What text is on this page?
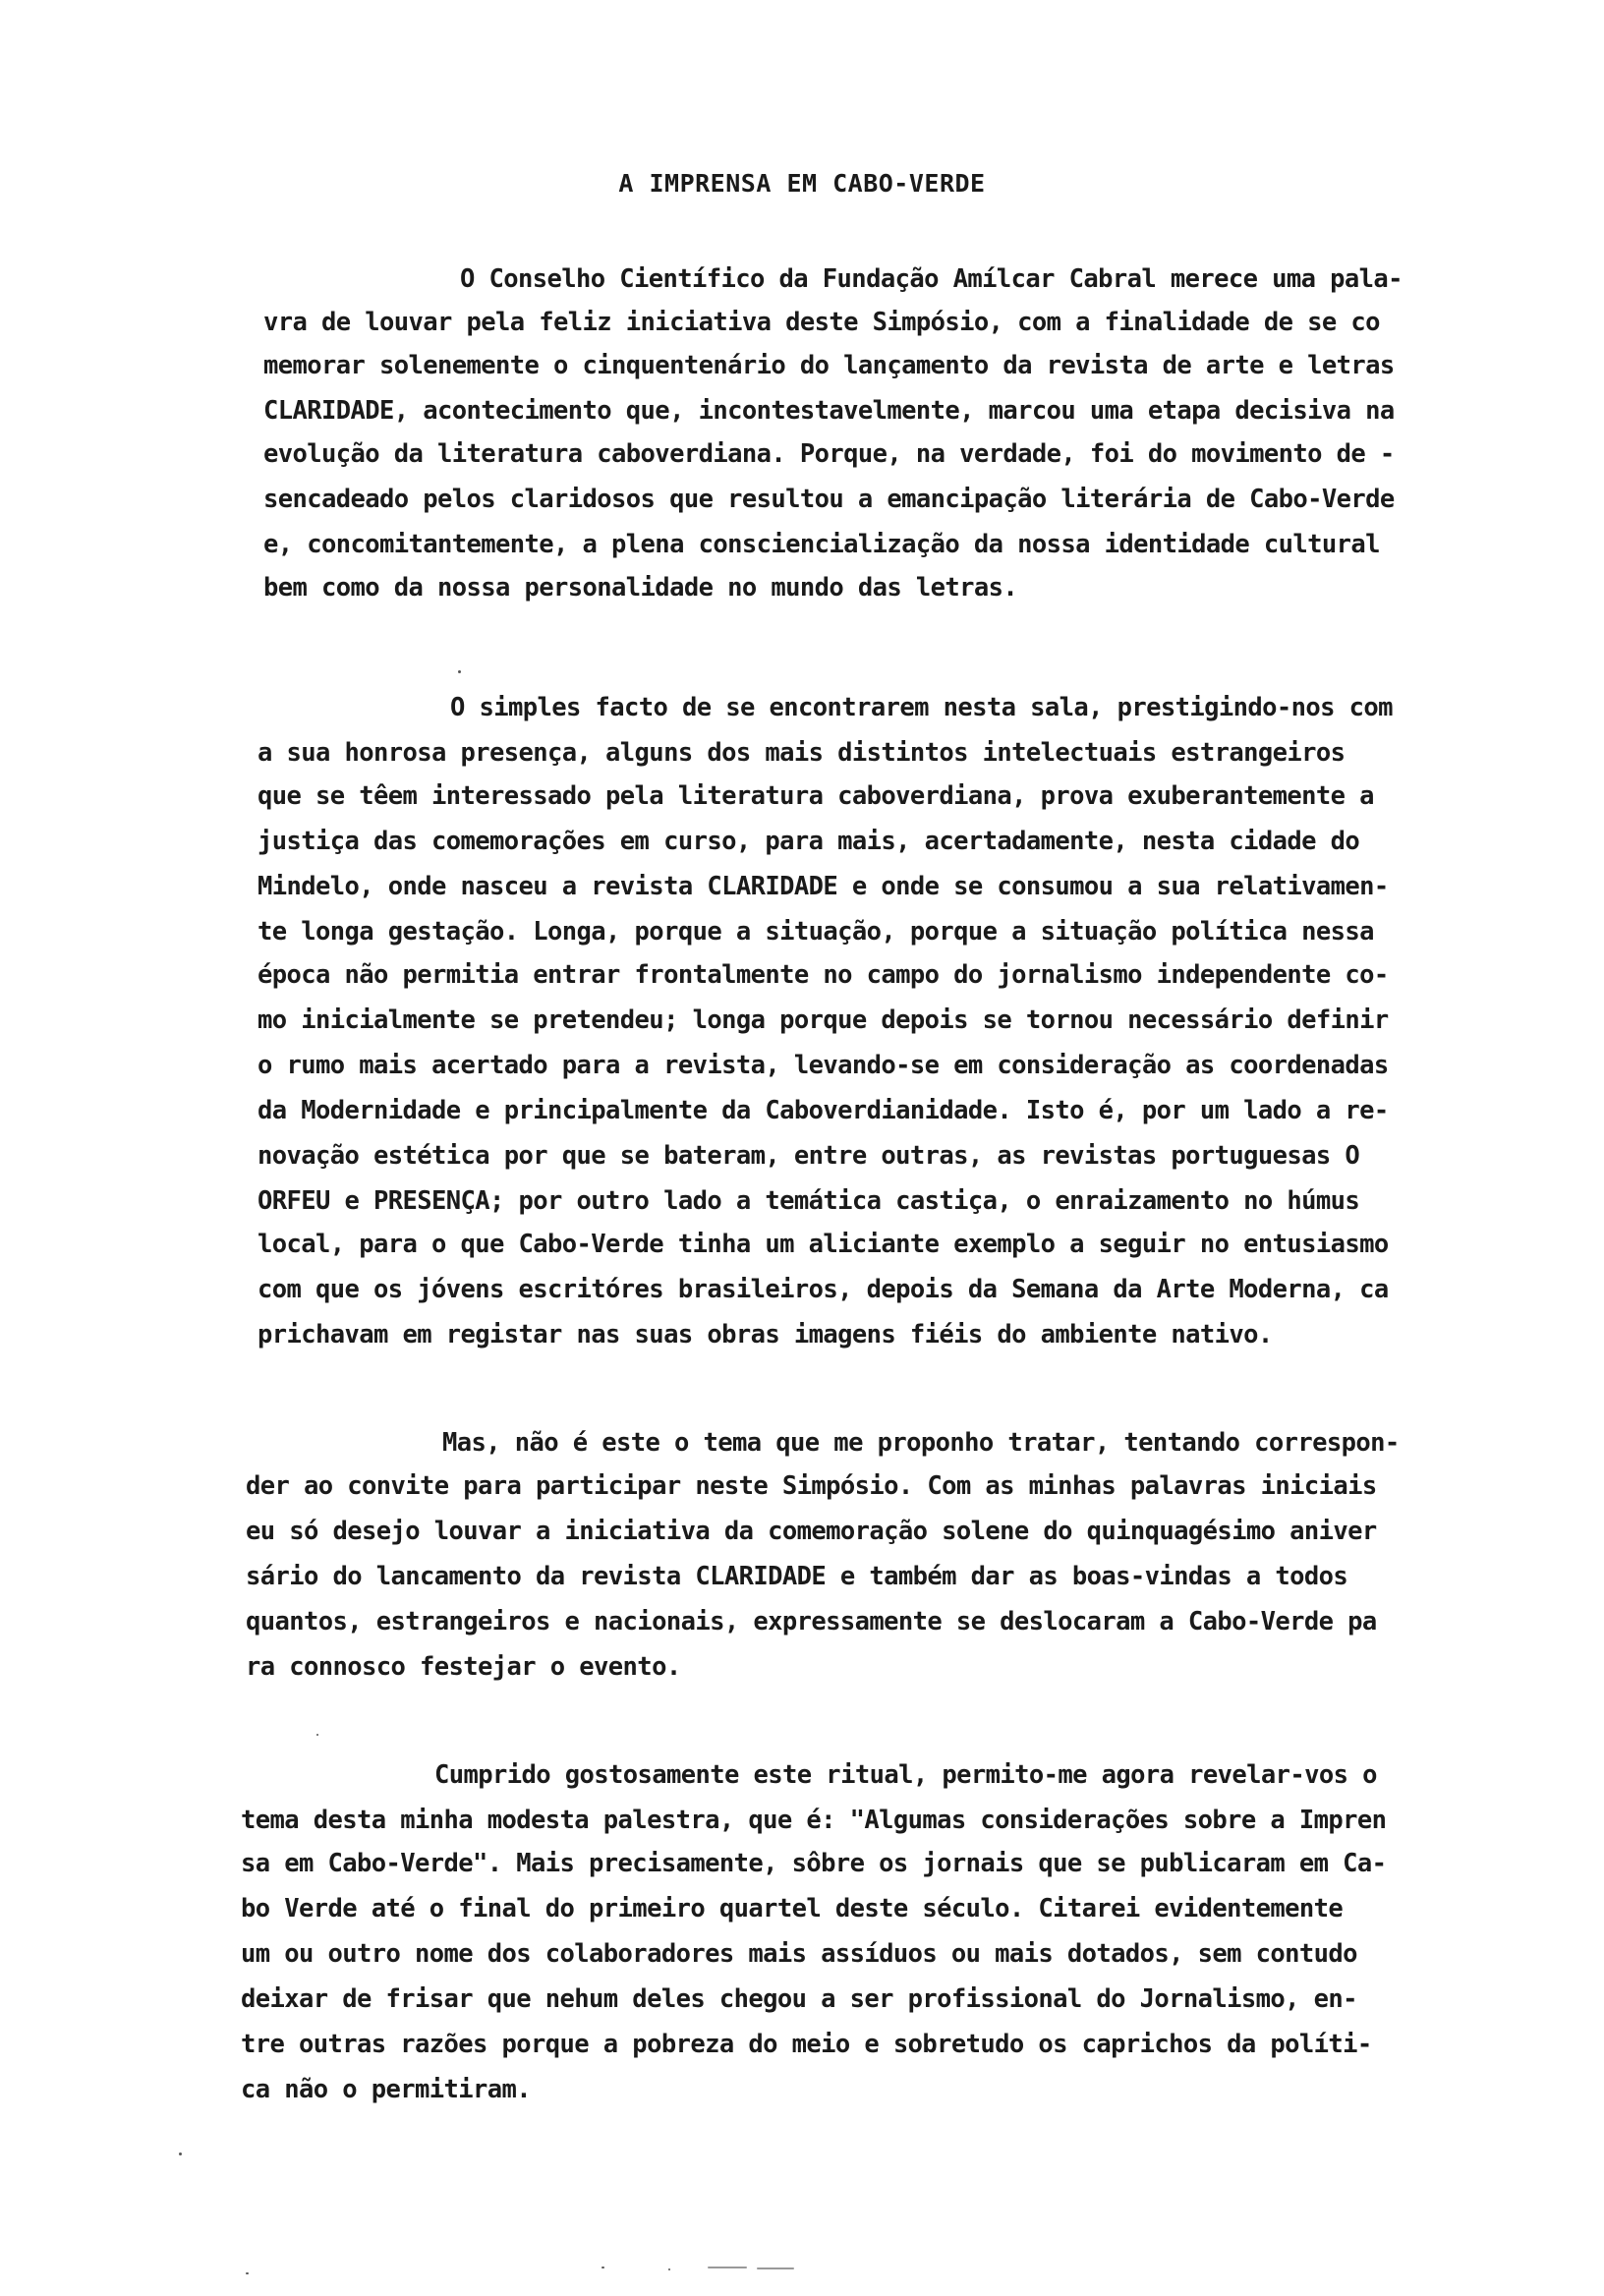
A IMPRENSA EM CABO-VERDE
O Conselho Científico da Fundação Amílcar Cabral merece uma pala-
vra de louvar pela feliz iniciativa deste Simpósio, com a finalidade de se co
memorar solenemente o cinquentenário do lançamento da revista de arte e letras
CLARIDADE, acontecimento que, incontestavelmente, marcou uma etapa decisiva na
evolução da literatura caboverdiana. Porque, na verdade, foi do movimento de -
sencadeado pelos claridosos que resultou a emancipação literária de Cabo-Verde
e, concomitantemente, a plena consciencialização da nossa identidade cultural
bem como da nossa personalidade no mundo das letras.
O simples facto de se encontrarem nesta sala, prestigindo-nos com
a sua honrosa presença, alguns dos mais distintos intelectuais estrangeiros
que se têem interessado pela literatura caboverdiana, prova exuberantemente a
justiça das comemorações em curso, para mais, acertadamente, nesta cidade do
Mindelo, onde nasceu a revista CLARIDADE e onde se consumou a sua relativamen-
te longa gestação. Longa, porque a situação, porque a situação política nessa
época não permitia entrar frontalmente no campo do jornalismo independente co-
mo inicialmente se pretendeu; longa porque depois se tornou necessário definir
o rumo mais acertado para a revista, levando-se em consideração as coordenadas
da Modernidade e principalmente da Caboverdianidade. Isto é, por um lado a re-
novação estética por que se bateram, entre outras, as revistas portuguesas O
ORFEU e PRESENÇA; por outro lado a temática castiça, o enraizamento no húmus
local, para o que Cabo-Verde tinha um aliciante exemplo a seguir no entusiasmo
com que os jóvens escritóres brasileiros, depois da Semana da Arte Moderna, ca
prichavam em registar nas suas obras imagens fiéis do ambiente nativo.
Mas, não é este o tema que me proponho tratar, tentando correspon-
der ao convite para participar neste Simpósio. Com as minhas palavras iniciais
eu só desejo louvar a iniciativa da comemoração solene do quinquagésimo aniver
sário do lancamento da revista CLARIDADE e também dar as boas-vindas a todos
quantos, estrangeiros e nacionais, expressamente se deslocaram a Cabo-Verde pa
ra connosco festejar o evento.
Cumprido gostosamente este ritual, permito-me agora revelar-vos o
tema desta minha modesta palestra, que é: "Algumas considerações sobre a Impren
sa em Cabo-Verde". Mais precisamente, sôbre os jornais que se publicaram em Ca-
bo Verde até o final do primeiro quartel deste século. Citarei evidentemente
um ou outro nome dos colaboradores mais assíduos ou mais dotados, sem contudo
deixar de frisar que nehum deles chegou a ser profissional do Jornalismo, en-
tre outras razões porque a pobreza do meio e sobretudo os caprichos da políti-
ca não o permitiram.
